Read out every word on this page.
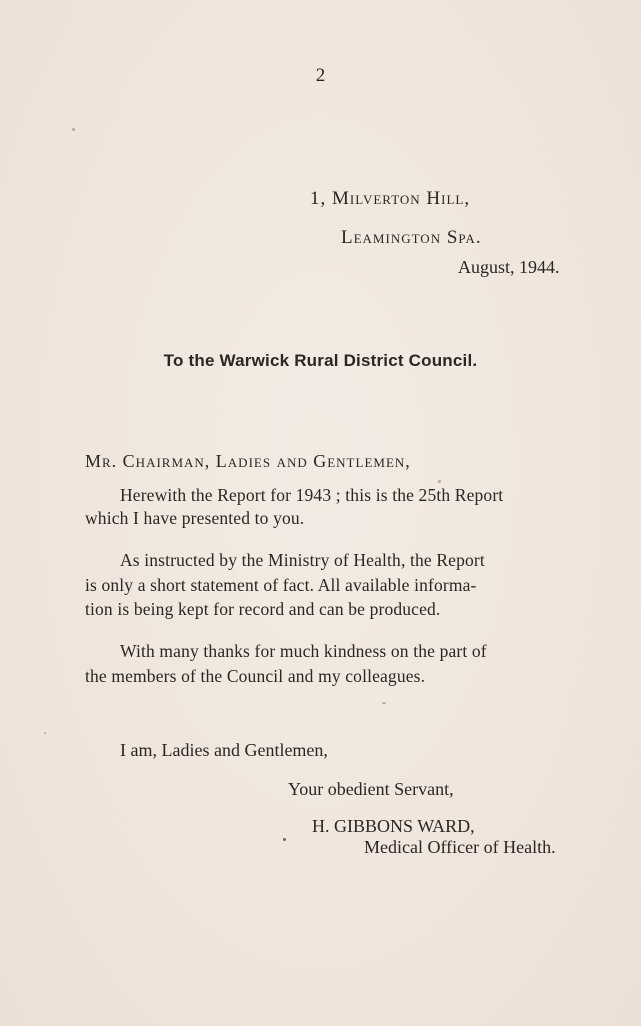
2
1, Milverton Hill,
Leamington Spa.
August, 1944.
To the Warwick Rural District Council.
Mr. Chairman, Ladies and Gentlemen,
Herewith the Report for 1943 ; this is the 25th Report
which I have presented to you.
As instructed by the Ministry of Health, the Report
is only a short statement of fact. All available informa-
tion is being kept for record and can be produced.
With many thanks for much kindness on the part of
the members of the Council and my colleagues.
I am, Ladies and Gentlemen,
Your obedient Servant,
H. GIBBONS WARD,
Medical Officer of Health.
